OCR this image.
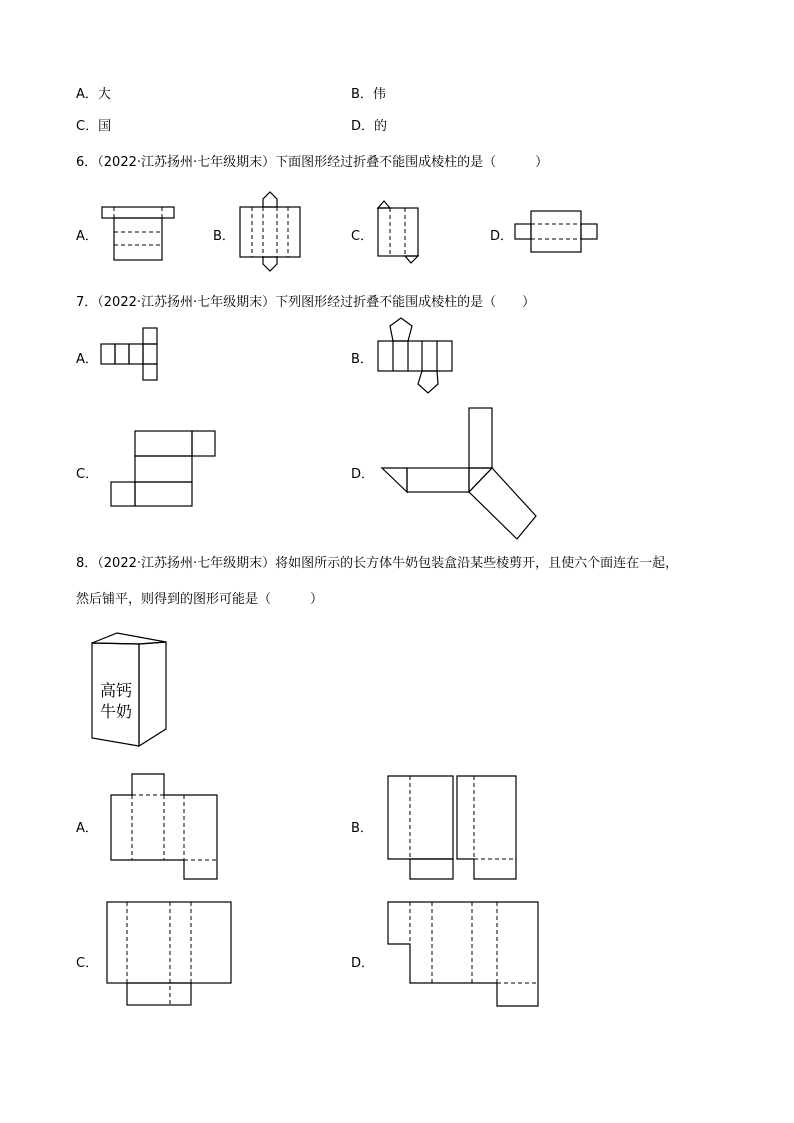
A．大	B．伟
C．国	D．的
6．（2022·江苏扬州·七年级期末）下面图形经过折叠不能围成棱柱的是（　　　）
A．	B．	C．	D．
7．（2022·江苏扬州·七年级期末）下列图形经过折叠不能围成棱柱的是（　　）
A．	B．
C．	D．
8．（2022·江苏扬州·七年级期末）将如图所示的长方体牛奶包装盒沿某些棱剪开，且使六个面连在一起，
然后铺平，则得到的图形可能是（　　　）
高钙
牛奶
A．	B．
C．	D．
